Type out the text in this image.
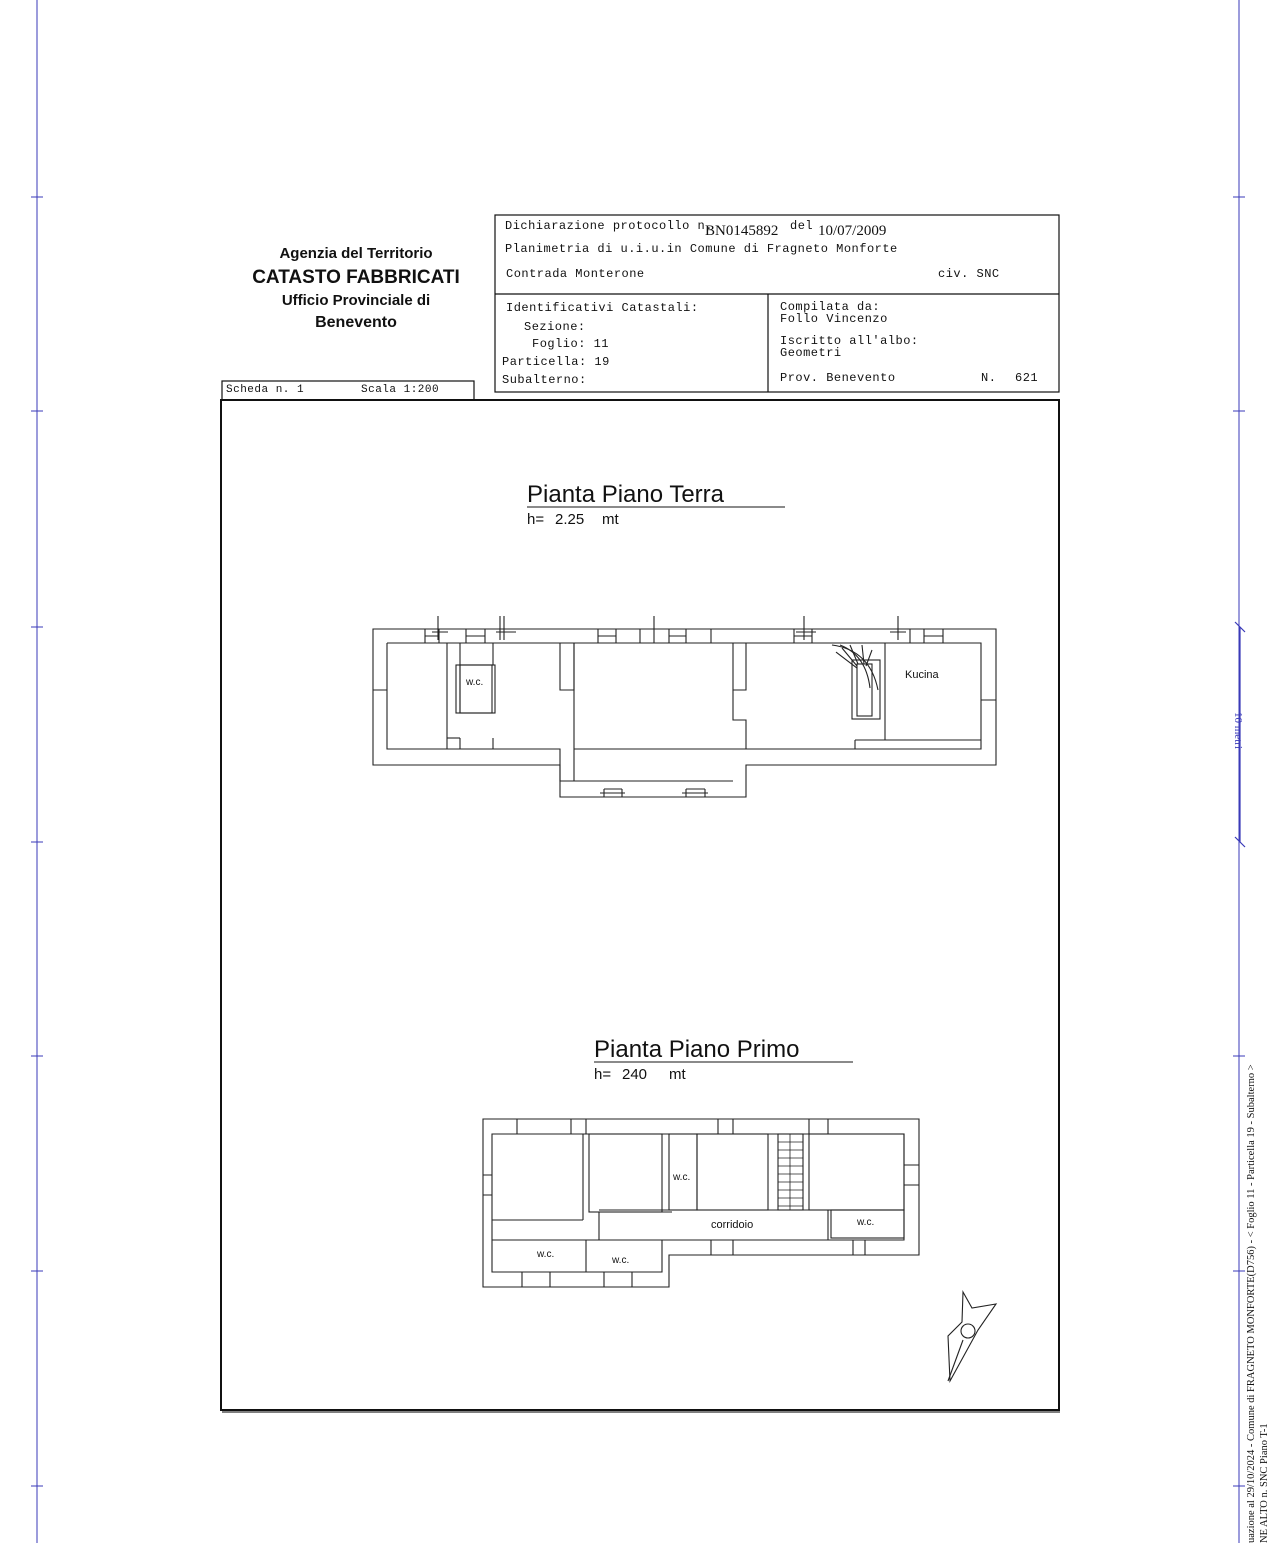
Agenzia del Territorio
CATASTO FABBRICATI
Ufficio Provinciale di
Benevento
Dichiarazione protocollo n.
BN0145892 del 10/07/2009
Planimetria di u.i.u.in Comune di Fragneto Monforte
Contrada Monterone	civ. SNC
Identificativi Catastali:
Sezione:
Foglio: 11
Particella: 19
Subalterno:
Compilata da:
Follo Vincenzo
Iscritto all'albo:
Geometri
Prov. Benevento	N. 621
Scheda n. 1	Scala 1:200
Pianta Piano Terra
h= 2.25 mt
w.c.
Kucina
Pianta Piano Primo
h= 240 mt
w.c.
corridoio	w.c.
w.c.
w.c.
10 metri
uazione al 29/10/2024 - Comune di FRAGNETO MONFORTE(D756) - < Foglio 11 - Particella 19 - Subalterno > NE ALTO n. SNC Piano T-1
